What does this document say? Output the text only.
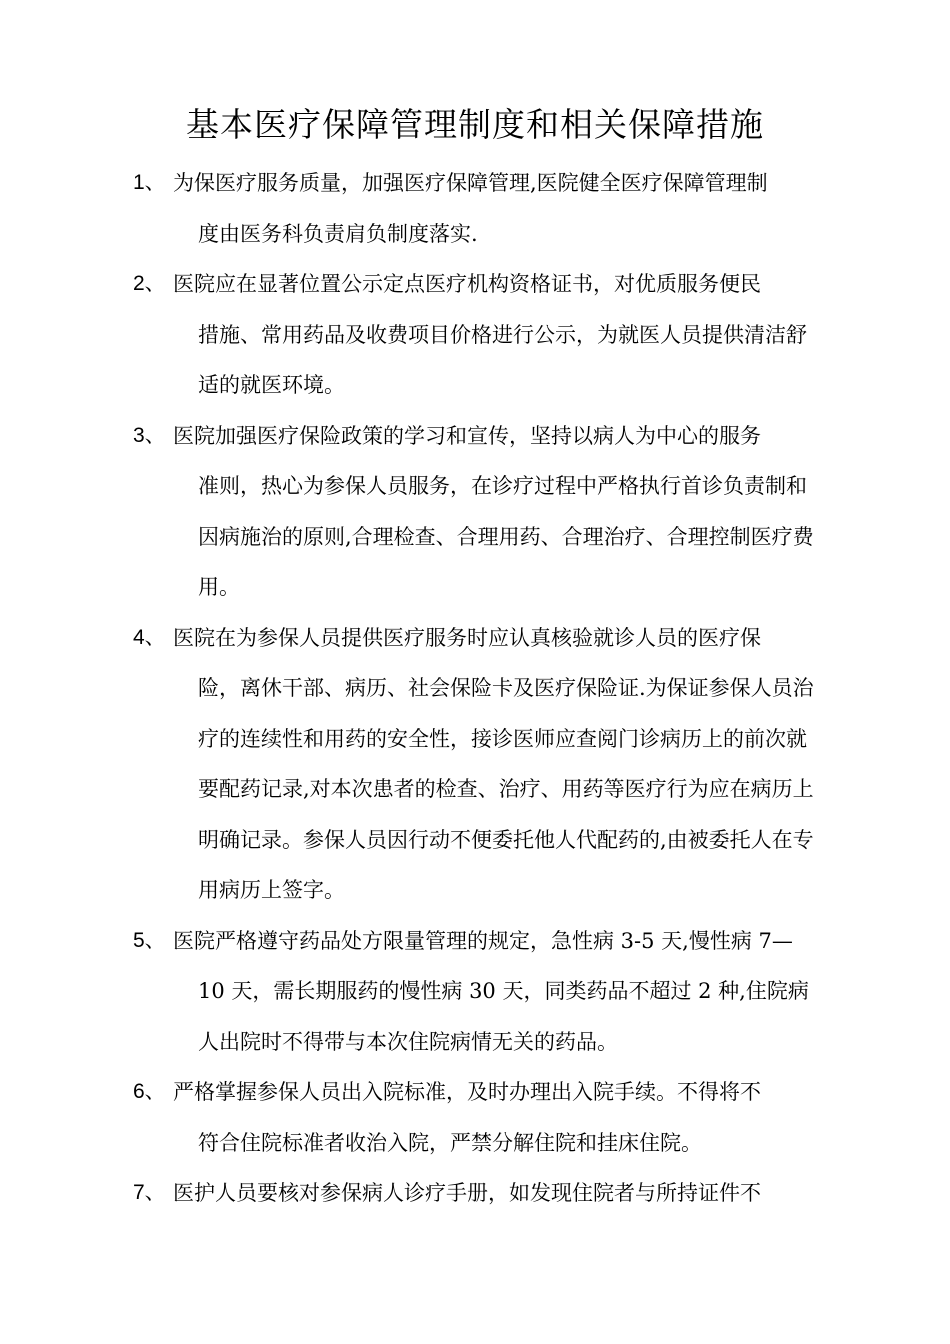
基本医疗保障管理制度和相关保障措施
1、 为保医疗服务质量，加强医疗保障管理,医院健全医疗保障管理制
度由医务科负责肩负制度落实.
2、 医院应在显著位置公示定点医疗机构资格证书，对优质服务便民
措施、常用药品及收费项目价格进行公示，为就医人员提供清洁舒适的就医环境。
3、 医院加强医疗保险政策的学习和宣传，坚持以病人为中心的服务
准则，热心为参保人员服务，在诊疗过程中严格执行首诊负责制和因病施治的原则,合理检查、合理用药、合理治疗、合理控制医疗费用。
4、 医院在为参保人员提供医疗服务时应认真核验就诊人员的医疗保
险，离休干部、病历、社会保险卡及医疗保险证.为保证参保人员治疗的连续性和用药的安全性，接诊医师应查阅门诊病历上的前次就要配药记录,对本次患者的检查、治疗、用药等医疗行为应在病历上明确记录。参保人员因行动不便委托他人代配药的,由被委托人在专用病历上签字。
5、 医院严格遵守药品处方限量管理的规定，急性病 3-5 天,慢性病 7—
10 天，需长期服药的慢性病 30 天，同类药品不超过 2 种,住院病人出院时不得带与本次住院病情无关的药品。
6、 严格掌握参保人员出入院标准，及时办理出入院手续。不得将不
符合住院标准者收治入院，严禁分解住院和挂床住院。
7、 医护人员要核对参保病人诊疗手册，如发现住院者与所持证件不
